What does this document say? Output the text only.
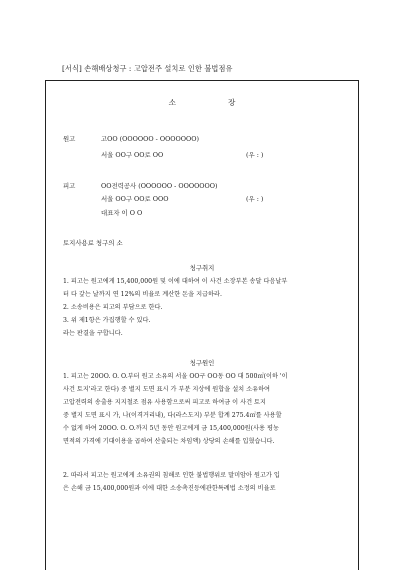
[서식] 손해배상청구 : 고압전주 설치로 인한 불법점유
소	장
원고	고OO (OOOOOO - OOOOOOO)
서울 OO구 OO로 OO	(우 : )
피고	OO전력공사 (OOOOOO - OOOOOOO)
서울 OO구 OO로 OOO	(우 : )
대표자 이 O O
토지사용료 청구의 소
청구취지
1. 피고는 원고에게 15,400,000원 및 이에 대하여 이 사건 소장부본 송달 다음날부
터 다 갚는 날까지 연 12%의 비율로 계산한 돈을 지급하라.
2. 소송비용은 피고의 부담으로 한다.
3. 위 제1항은 가집행할 수 있다.
라는 판결을 구합니다.
청구원인
1. 피고는 20OO. O. O.부터 원고 소유의 서울 OO구 OO동 OO 대 500㎡(이하 '이
사건 토지'라고 한다) 중 별지 도면 표시 가 부분 지상에 원합을 설치 소유하여
고압전력의 송출용 지지철조 점유 사용함으로써 피고로 하여금 이 사건 토지
중 별지 도면 표시 가, 나(이격거리내), 다(라스도지) 부분 합계 275.4㎡를 사용할
수 없게 하여 20OO. O. O.까지 5년 동안 원고에게 금 15,400,000원(사용 평농
면적의 가격에 기대이용을 곱하여 산출되는 차임액) 상당의 손해를 입혔습니다.
2. 따라서 피고는 원고에게 소유권의 침해로 인한 불법행위로 말미암아 원고가 입
은 손해 금 15,400,000원과 이에 대한 소송촉진등에관한특례법 소정의 비율로
